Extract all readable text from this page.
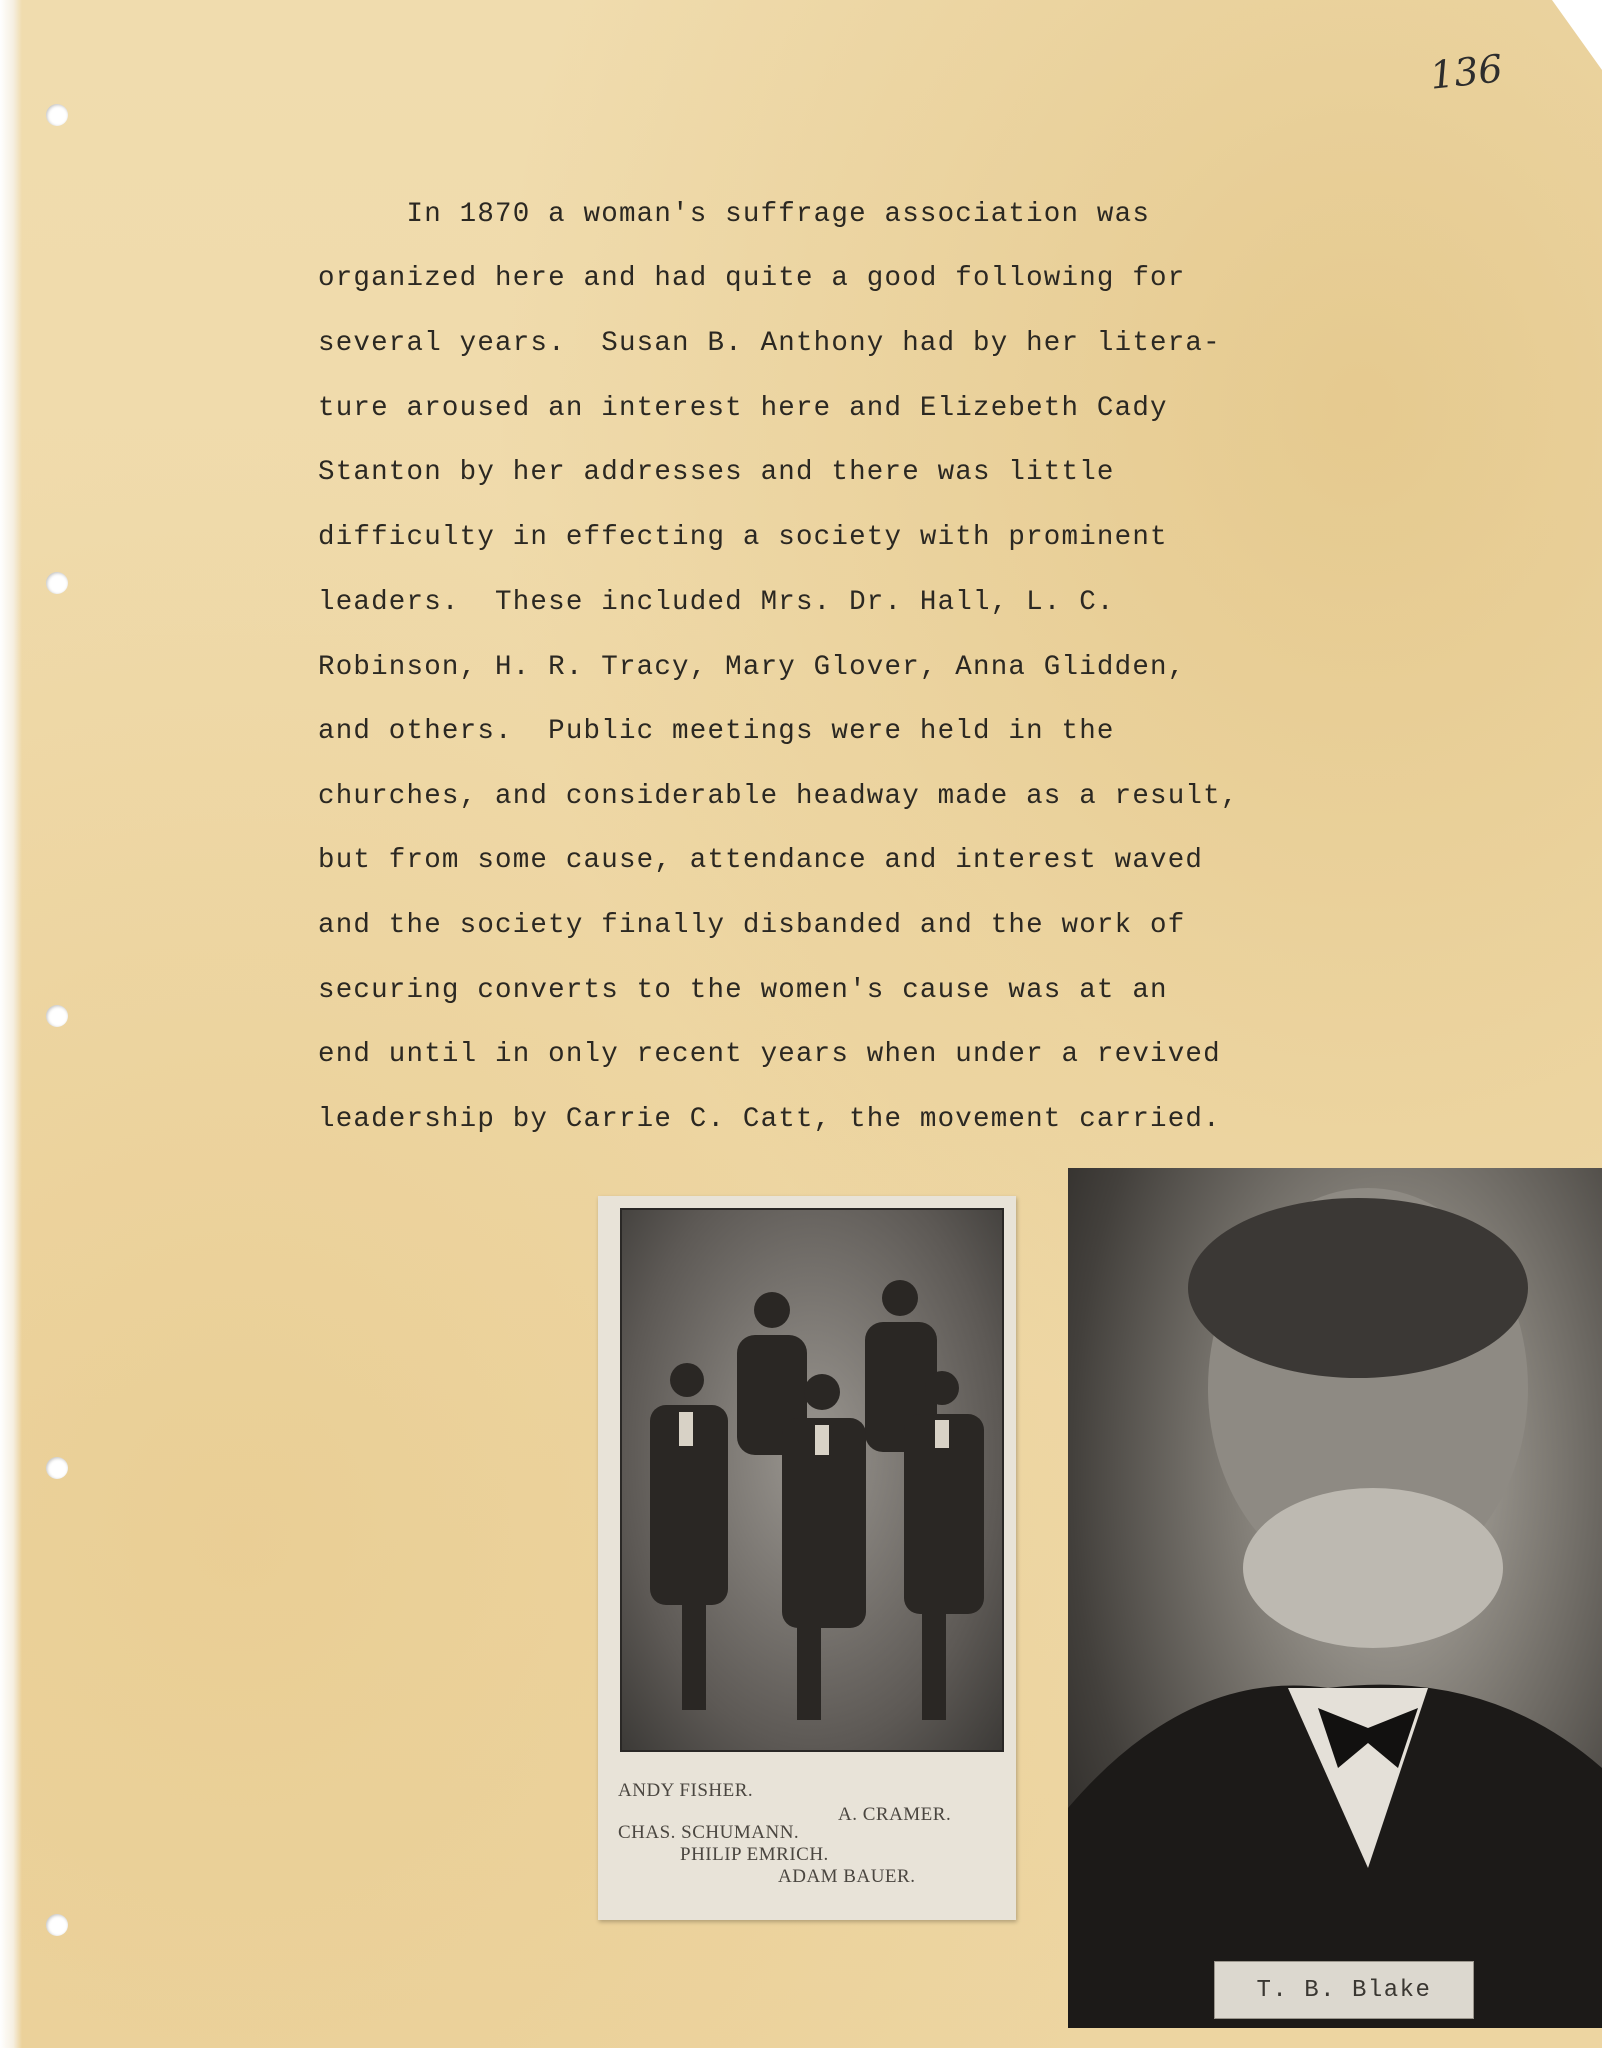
136
In 1870 a woman's suffrage association was
organized here and had quite a good following for
several years.  Susan B. Anthony had by her litera-
ture aroused an interest here and Elizebeth Cady
Stanton by her addresses and there was little
difficulty in effecting a society with prominent
leaders.  These included Mrs. Dr. Hall, L. C.
Robinson, H. R. Tracy, Mary Glover, Anna Glidden,
and others.  Public meetings were held in the
churches, and considerable headway made as a result,
but from some cause, attendance and interest waved
and the society finally disbanded and the work of
securing converts to the women's cause was at an
end until in only recent years when under a revived
leadership by Carrie C. Catt, the movement carried.
ANDY FISHER.
A. CRAMER.
CHAS. SCHUMANN.
PHILIP EMRICH.
ADAM BAUER.
T. B. Blake
